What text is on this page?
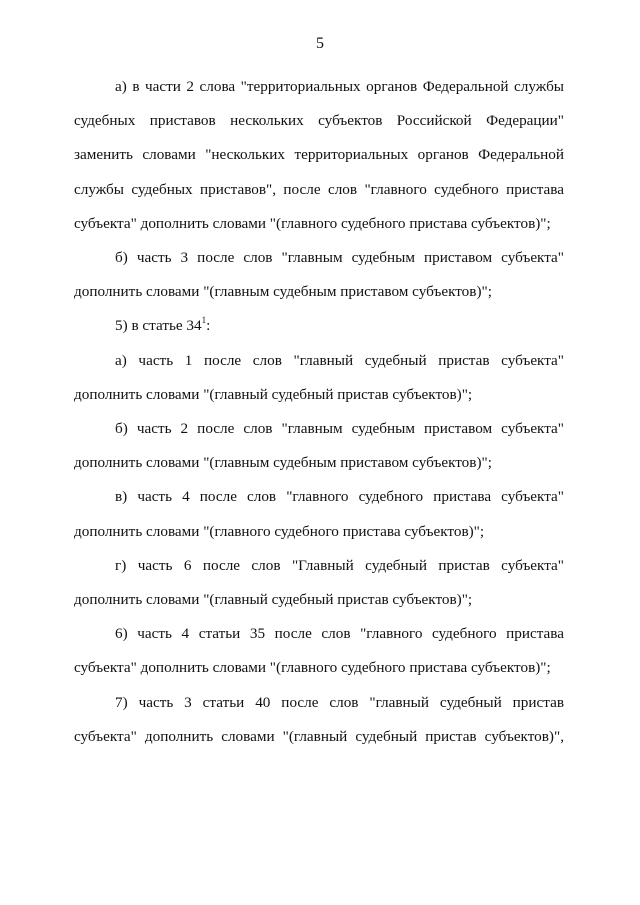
5
а) в части 2 слова "территориальных органов Федеральной службы
судебных приставов нескольких субъектов Российской Федерации"
заменить словами "нескольких территориальных органов Федеральной
службы судебных приставов", после слов "главного судебного пристава
субъекта" дополнить словами "(главного судебного пристава субъектов)";
б) часть 3 после слов "главным судебным приставом субъекта"
дополнить словами "(главным судебным приставом субъектов)";
5) в статье $34^1$:
а) часть 1 после слов "главный судебный пристав субъекта"
дополнить словами "(главный судебный пристав субъектов)";
б) часть 2 после слов "главным судебным приставом субъекта"
дополнить словами "(главным судебным приставом субъектов)";
в) часть 4 после слов "главного судебного пристава субъекта"
дополнить словами "(главного судебного пристава субъектов)";
г) часть 6 после слов "Главный судебный пристав субъекта"
дополнить словами "(главный судебный пристав субъектов)";
6) часть 4 статьи 35 после слов "главного судебного пристава
субъекта" дополнить словами "(главного судебного пристава субъектов)";
7) часть 3 статьи 40 после слов "главный судебный пристав
субъекта" дополнить словами "(главный судебный пристав субъектов)",
